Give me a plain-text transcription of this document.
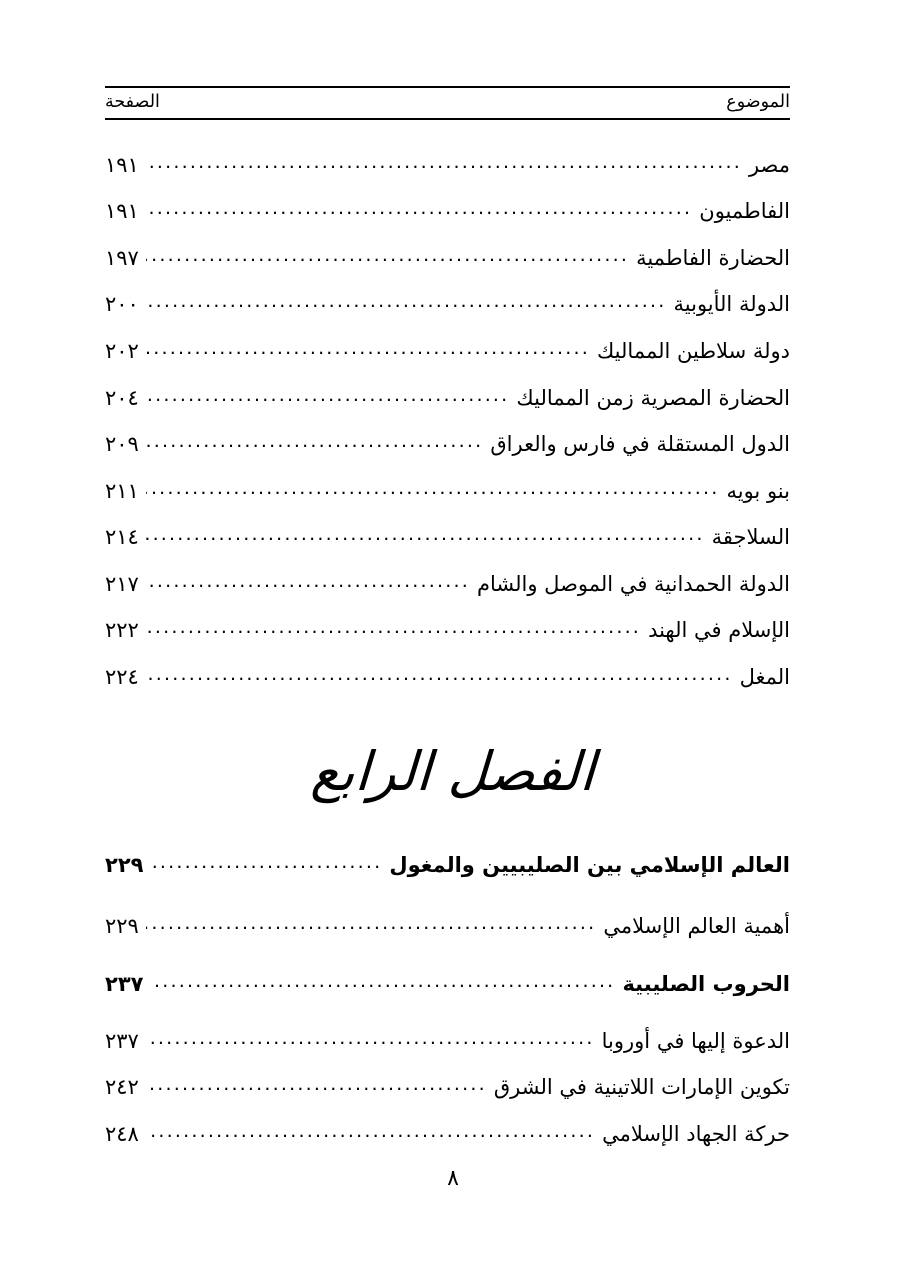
الموضوع
الصفحة
مصر
.....
١٩١
الفاطميون
.....
١٩١
الحضارة الفاطمية
.....
١٩٧
الدولة الأيوبية
.....
٢٠٠
دولة سلاطين المماليك
.....
٢٠٢
الحضارة المصرية زمن المماليك
.....
٢٠٤
الدول المستقلة في فارس والعراق
.....
٢٠٩
بنو بويه
.....
٢١١
السلاجقة
.....
٢١٤
الدولة الحمدانية في الموصل والشام
.....
٢١٧
الإسلام في الهند
.....
٢٢٢
المغل
.....
٢٢٤
العالم الإسلامي بين الصليبيين والمغول
.....
٢٢٩
أهمية العالم الإسلامي
.....
٢٢٩
الحروب الصليبية
.....
٢٣٧
الدعوة إليها في أوروبا
.....
٢٣٧
تكوين الإمارات اللاتينية في الشرق
.....
٢٤٢
حركة الجهاد الإسلامي
.....
٢٤٨
الفصل الرابع
٨
